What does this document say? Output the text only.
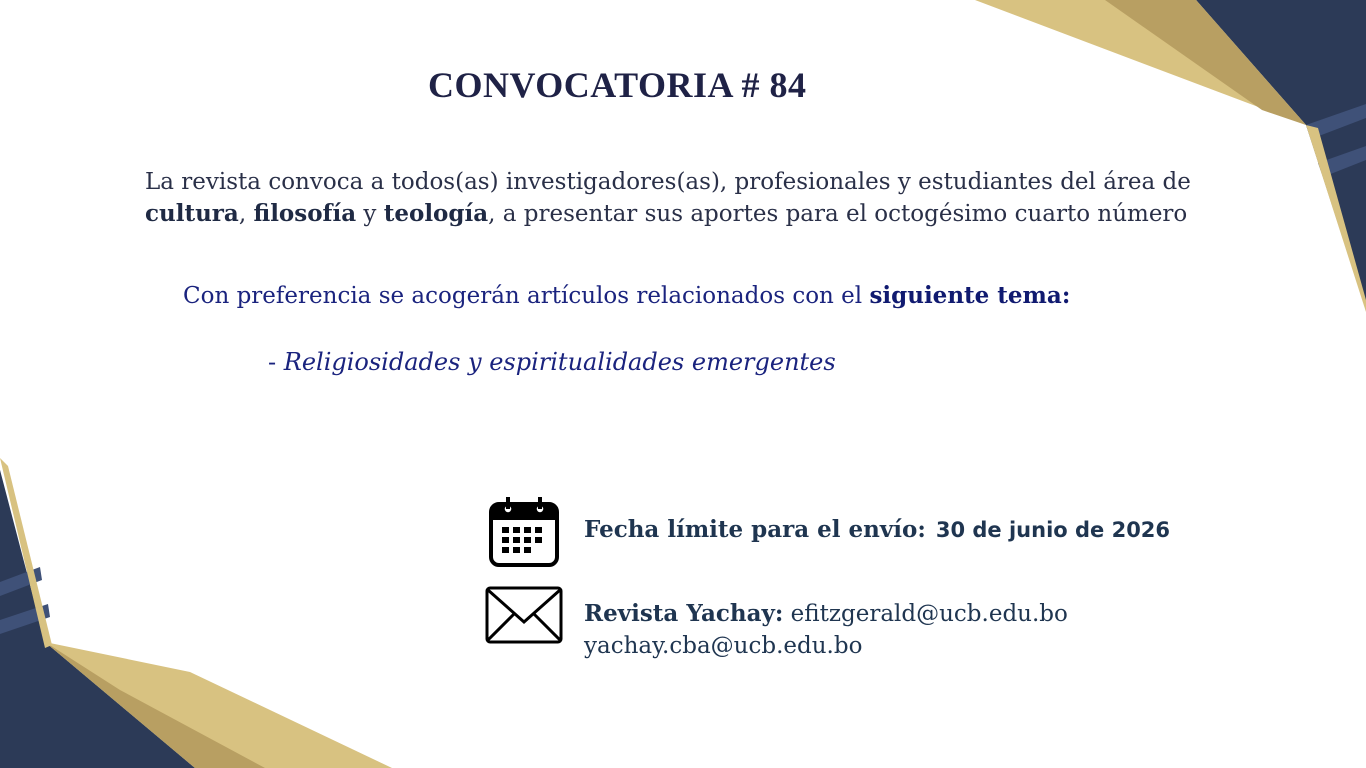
CONVOCATORIA # 84
La revista convoca a todos(as) investigadores(as), profesionales y estudiantes del área de
cultura, filosofía y teología, a presentar sus aportes para el octogésimo cuarto número
Con preferencia se acogerán artículos relacionados con el siguiente tema:
- Religiosidades y espiritualidades emergentes
Fecha límite para el envío: 30 de junio de 2026
Revista Yachay: efitzgerald@ucb.edu.bo
yachay.cba@ucb.edu.bo
